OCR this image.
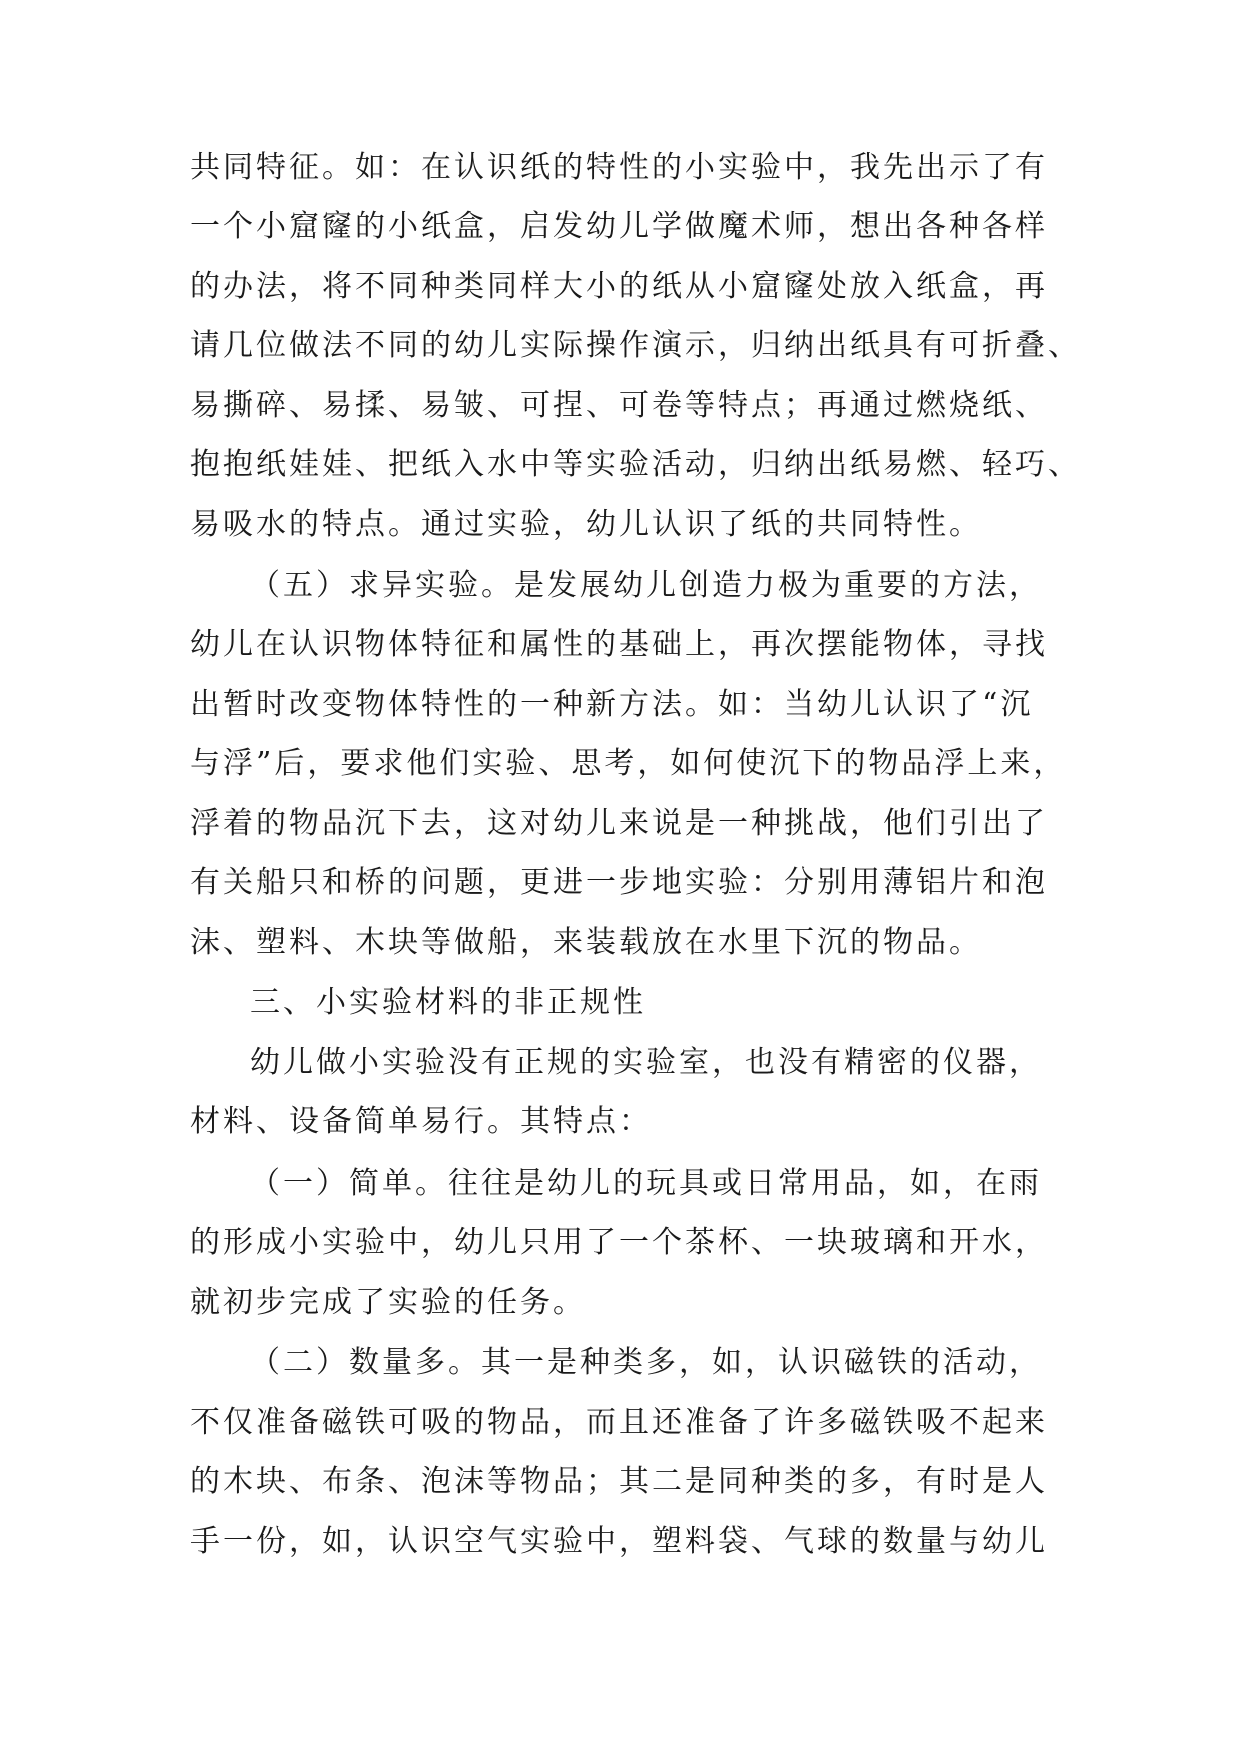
共同特征。如：在认识纸的特性的小实验中，我先出示了有
一个小窟窿的小纸盒，启发幼儿学做魔术师，想出各种各样
的办法，将不同种类同样大小的纸从小窟窿处放入纸盒，再
请几位做法不同的幼儿实际操作演示，归纳出纸具有可折叠、
易撕碎、易揉、易皱、可捏、可卷等特点；再通过燃烧纸、
抱抱纸娃娃、把纸入水中等实验活动，归纳出纸易燃、轻巧、
易吸水的特点。通过实验，幼儿认识了纸的共同特性。
（五）求异实验。是发展幼儿创造力极为重要的方法，
幼儿在认识物体特征和属性的基础上，再次摆能物体，寻找
出暂时改变物体特性的一种新方法。如：当幼儿认识了“沉
与浮”后，要求他们实验、思考，如何使沉下的物品浮上来，
浮着的物品沉下去，这对幼儿来说是一种挑战，他们引出了
有关船只和桥的问题，更进一步地实验：分别用薄铝片和泡
沫、塑料、木块等做船，来装载放在水里下沉的物品。
三、小实验材料的非正规性
幼儿做小实验没有正规的实验室，也没有精密的仪器，
材料、设备简单易行。其特点：
（一）简单。往往是幼儿的玩具或日常用品，如，在雨
的形成小实验中，幼儿只用了一个茶杯、一块玻璃和开水，
就初步完成了实验的任务。
（二）数量多。其一是种类多，如，认识磁铁的活动，
不仅准备磁铁可吸的物品，而且还准备了许多磁铁吸不起来
的木块、布条、泡沫等物品；其二是同种类的多，有时是人
手一份，如，认识空气实验中，塑料袋、气球的数量与幼儿
